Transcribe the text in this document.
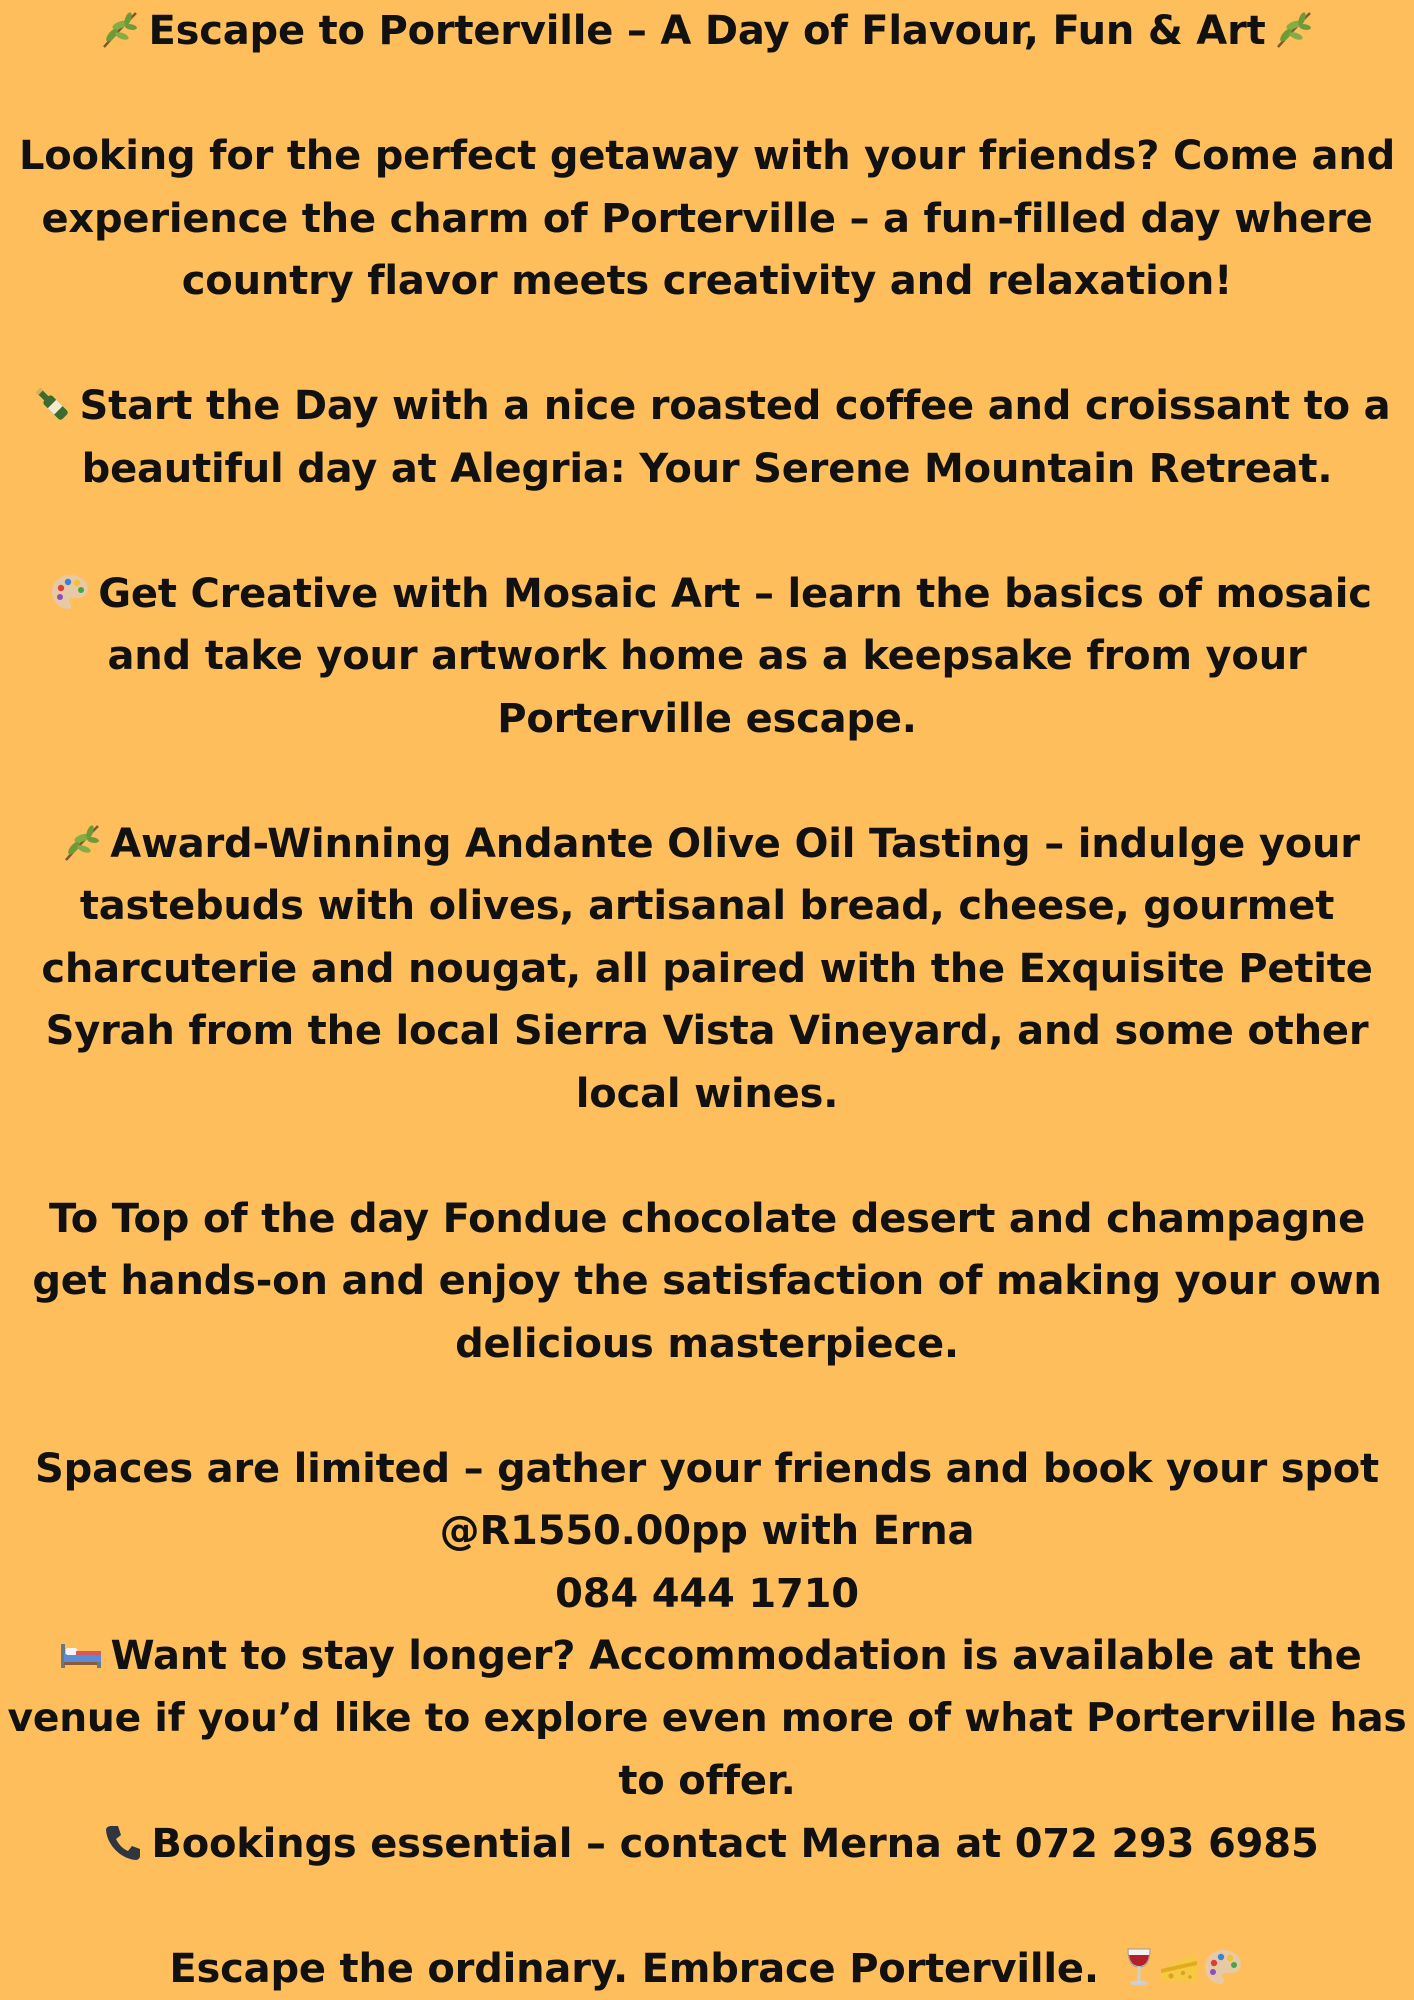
Escape to Porterville – A Day of Flavour, Fun & Art
Looking for the perfect getaway with your friends? Come and
experience the charm of Porterville – a fun-filled day where
country flavor meets creativity and relaxation!
Start the Day with a nice roasted coffee and croissant to a
beautiful day at Alegria: Your Serene Mountain Retreat.
Get Creative with Mosaic Art – learn the basics of mosaic
and take your artwork home as a keepsake from your
Porterville escape.
Award-Winning Andante Olive Oil Tasting – indulge your
tastebuds with olives, artisanal bread, cheese, gourmet
charcuterie and nougat, all paired with the Exquisite Petite
Syrah from the local Sierra Vista Vineyard, and some other
local wines.
To Top of the day Fondue chocolate desert and champagne
get hands-on and enjoy the satisfaction of making your own
delicious masterpiece.
Spaces are limited – gather your friends and book your spot
@R1550.00pp with Erna
084 444 1710
Want to stay longer? Accommodation is available at the
venue if you’d like to explore even more of what Porterville has
to offer.
Bookings essential – contact Merna at 072 293 6985
Escape the ordinary. Embrace Porterville.
